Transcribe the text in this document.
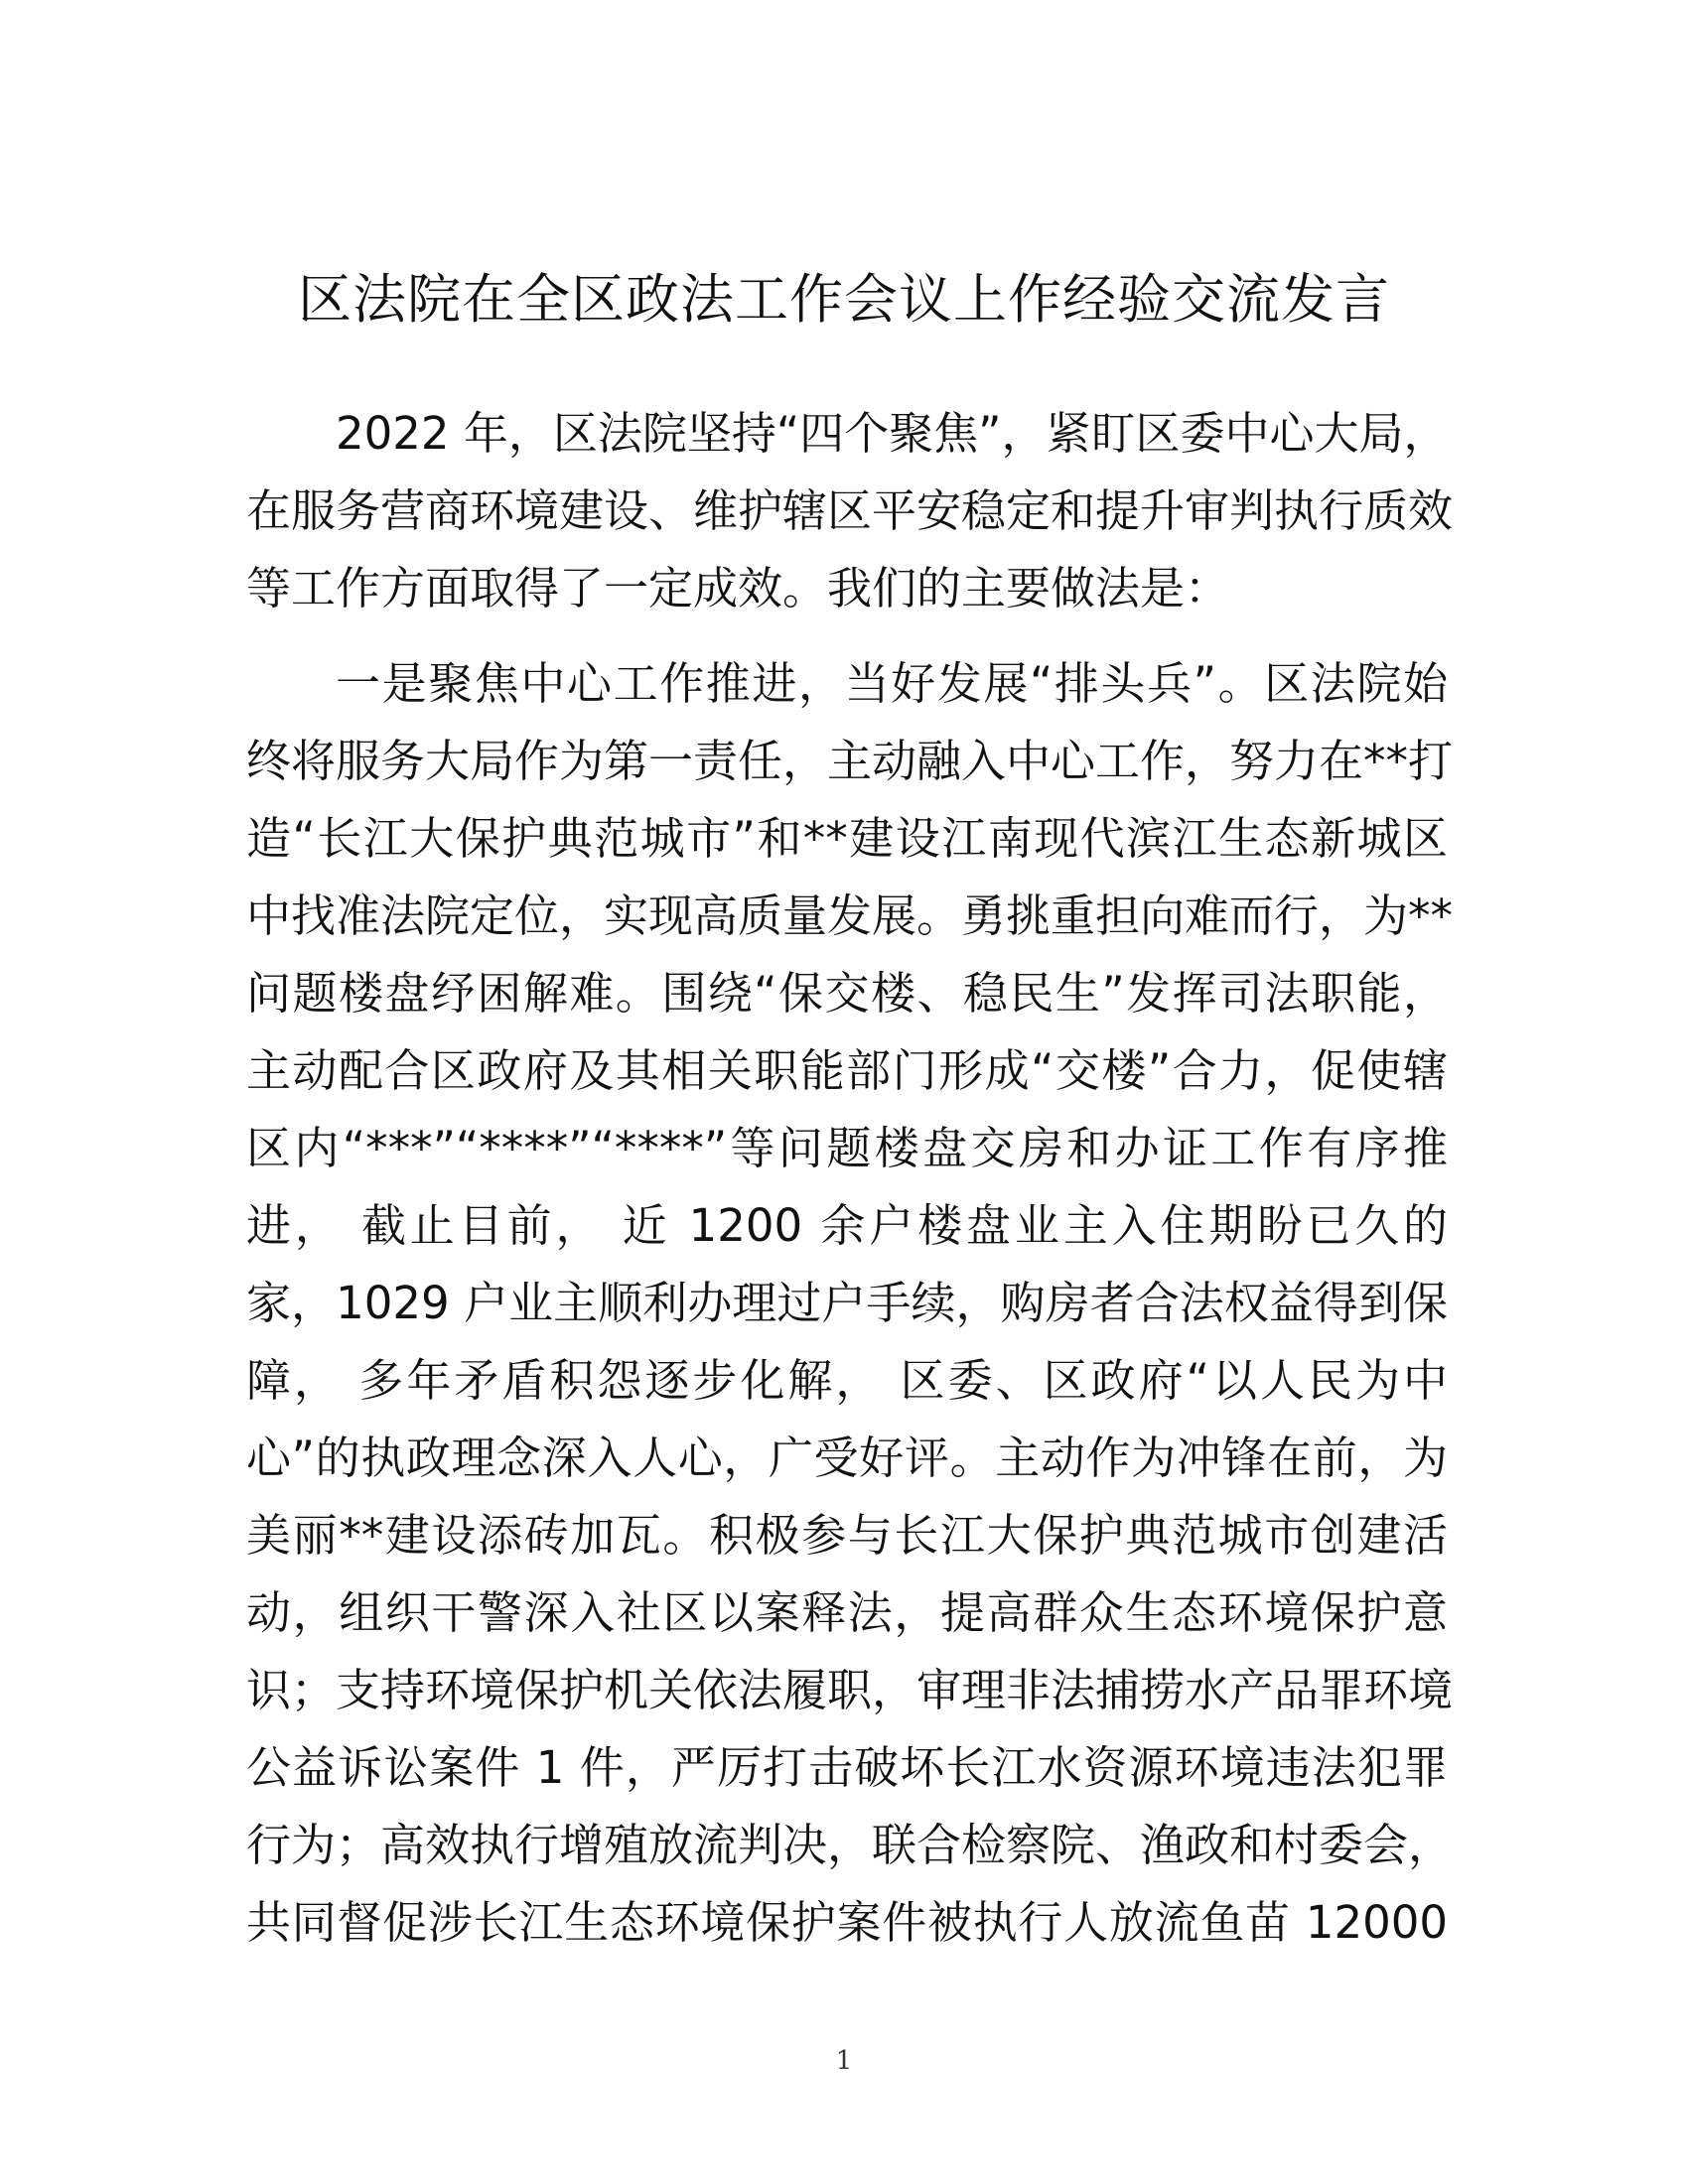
区法院在全区政法工作会议上作经验交流发言
2022 年，区法院坚持“四个聚焦”，紧盯区委中心大局，
在服务营商环境建设、维护辖区平安稳定和提升审判执行质效
等工作方面取得了一定成效。我们的主要做法是：
一是聚焦中心工作推进，当好发展“排头兵”。区法院始
终将服务大局作为第一责任，主动融入中心工作，努力在**打
造“长江大保护典范城市”和**建设江南现代滨江生态新城区
中找准法院定位，实现高质量发展。勇挑重担向难而行，为**
问题楼盘纾困解难。围绕“保交楼、稳民生”发挥司法职能，
主动配合区政府及其相关职能部门形成“交楼”合力，促使辖
区内“***”“****”“****”等问题楼盘交房和办证工作有序推
进， 截止目前， 近 1200 余户楼盘业主入住期盼已久的
家，1029 户业主顺利办理过户手续，购房者合法权益得到保
障， 多年矛盾积怨逐步化解， 区委、区政府“以人民为中
心”的执政理念深入人心，广受好评。主动作为冲锋在前，为
美丽**建设添砖加瓦。积极参与长江大保护典范城市创建活
动，组织干警深入社区以案释法，提高群众生态环境保护意
识；支持环境保护机关依法履职，审理非法捕捞水产品罪环境
公益诉讼案件 1 件，严厉打击破坏长江水资源环境违法犯罪
行为；高效执行增殖放流判决，联合检察院、渔政和村委会，
共同督促涉长江生态环境保护案件被执行人放流鱼苗 12000
1
